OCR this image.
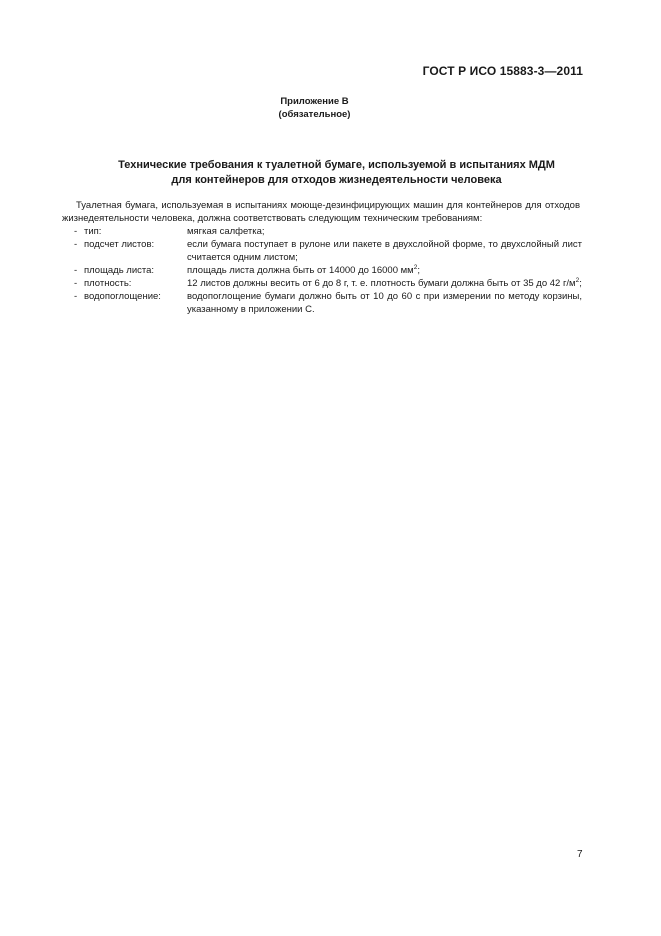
ГОСТ Р ИСО 15883-3—2011
Приложение В
(обязательное)
Технические требования к туалетной бумаге, используемой в испытаниях МДМ
для контейнеров для отходов жизнедеятельности человека
Туалетная бумага, используемая в испытаниях моюще-дезинфицирующих машин для контейнеров для отходов жизнедеятельности человека, должна соответствовать следующим техническим требованиям:
- тип:	мягкая салфетка;
- подсчет листов:	если бумага поступает в рулоне или пакете в двухслойной форме, то двухслойный лист считается одним листом;
- площадь листа:	площадь листа должна быть от 14000 до 16000 $мм^2$;
- плотность:	12 листов должны весить от 6 до 8 г, т. е. плотность бумаги должна быть от 35 до 42 $г/м^2$;
- водопоглощение:	водопоглощение бумаги должно быть от 10 до 60 с при измерении по методу корзины, указанному в приложении С.
7
